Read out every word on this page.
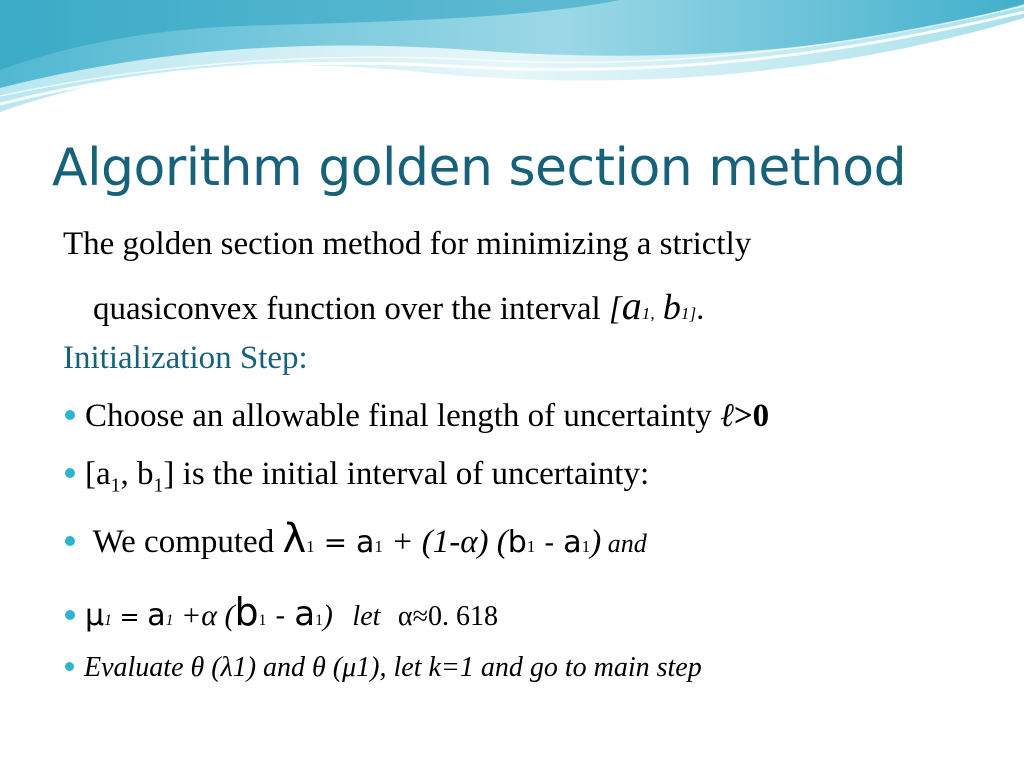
Algorithm golden section method
The golden section method for minimizing a strictly
quasiconvex function over the interval [a1, b1].
Initialization Step:
Choose an allowable final length of uncertainty ℓ>0
[$a_1$, $b_1$] is the initial interval of uncertainty:
We computed λ1 = a1 + (1-α) (b1 - a1) and
μ1 = a1 +α (b1 - a1) let α≈0. 618
Evaluate θ (λ1) and θ (μ1), let k=1 and go to main step
